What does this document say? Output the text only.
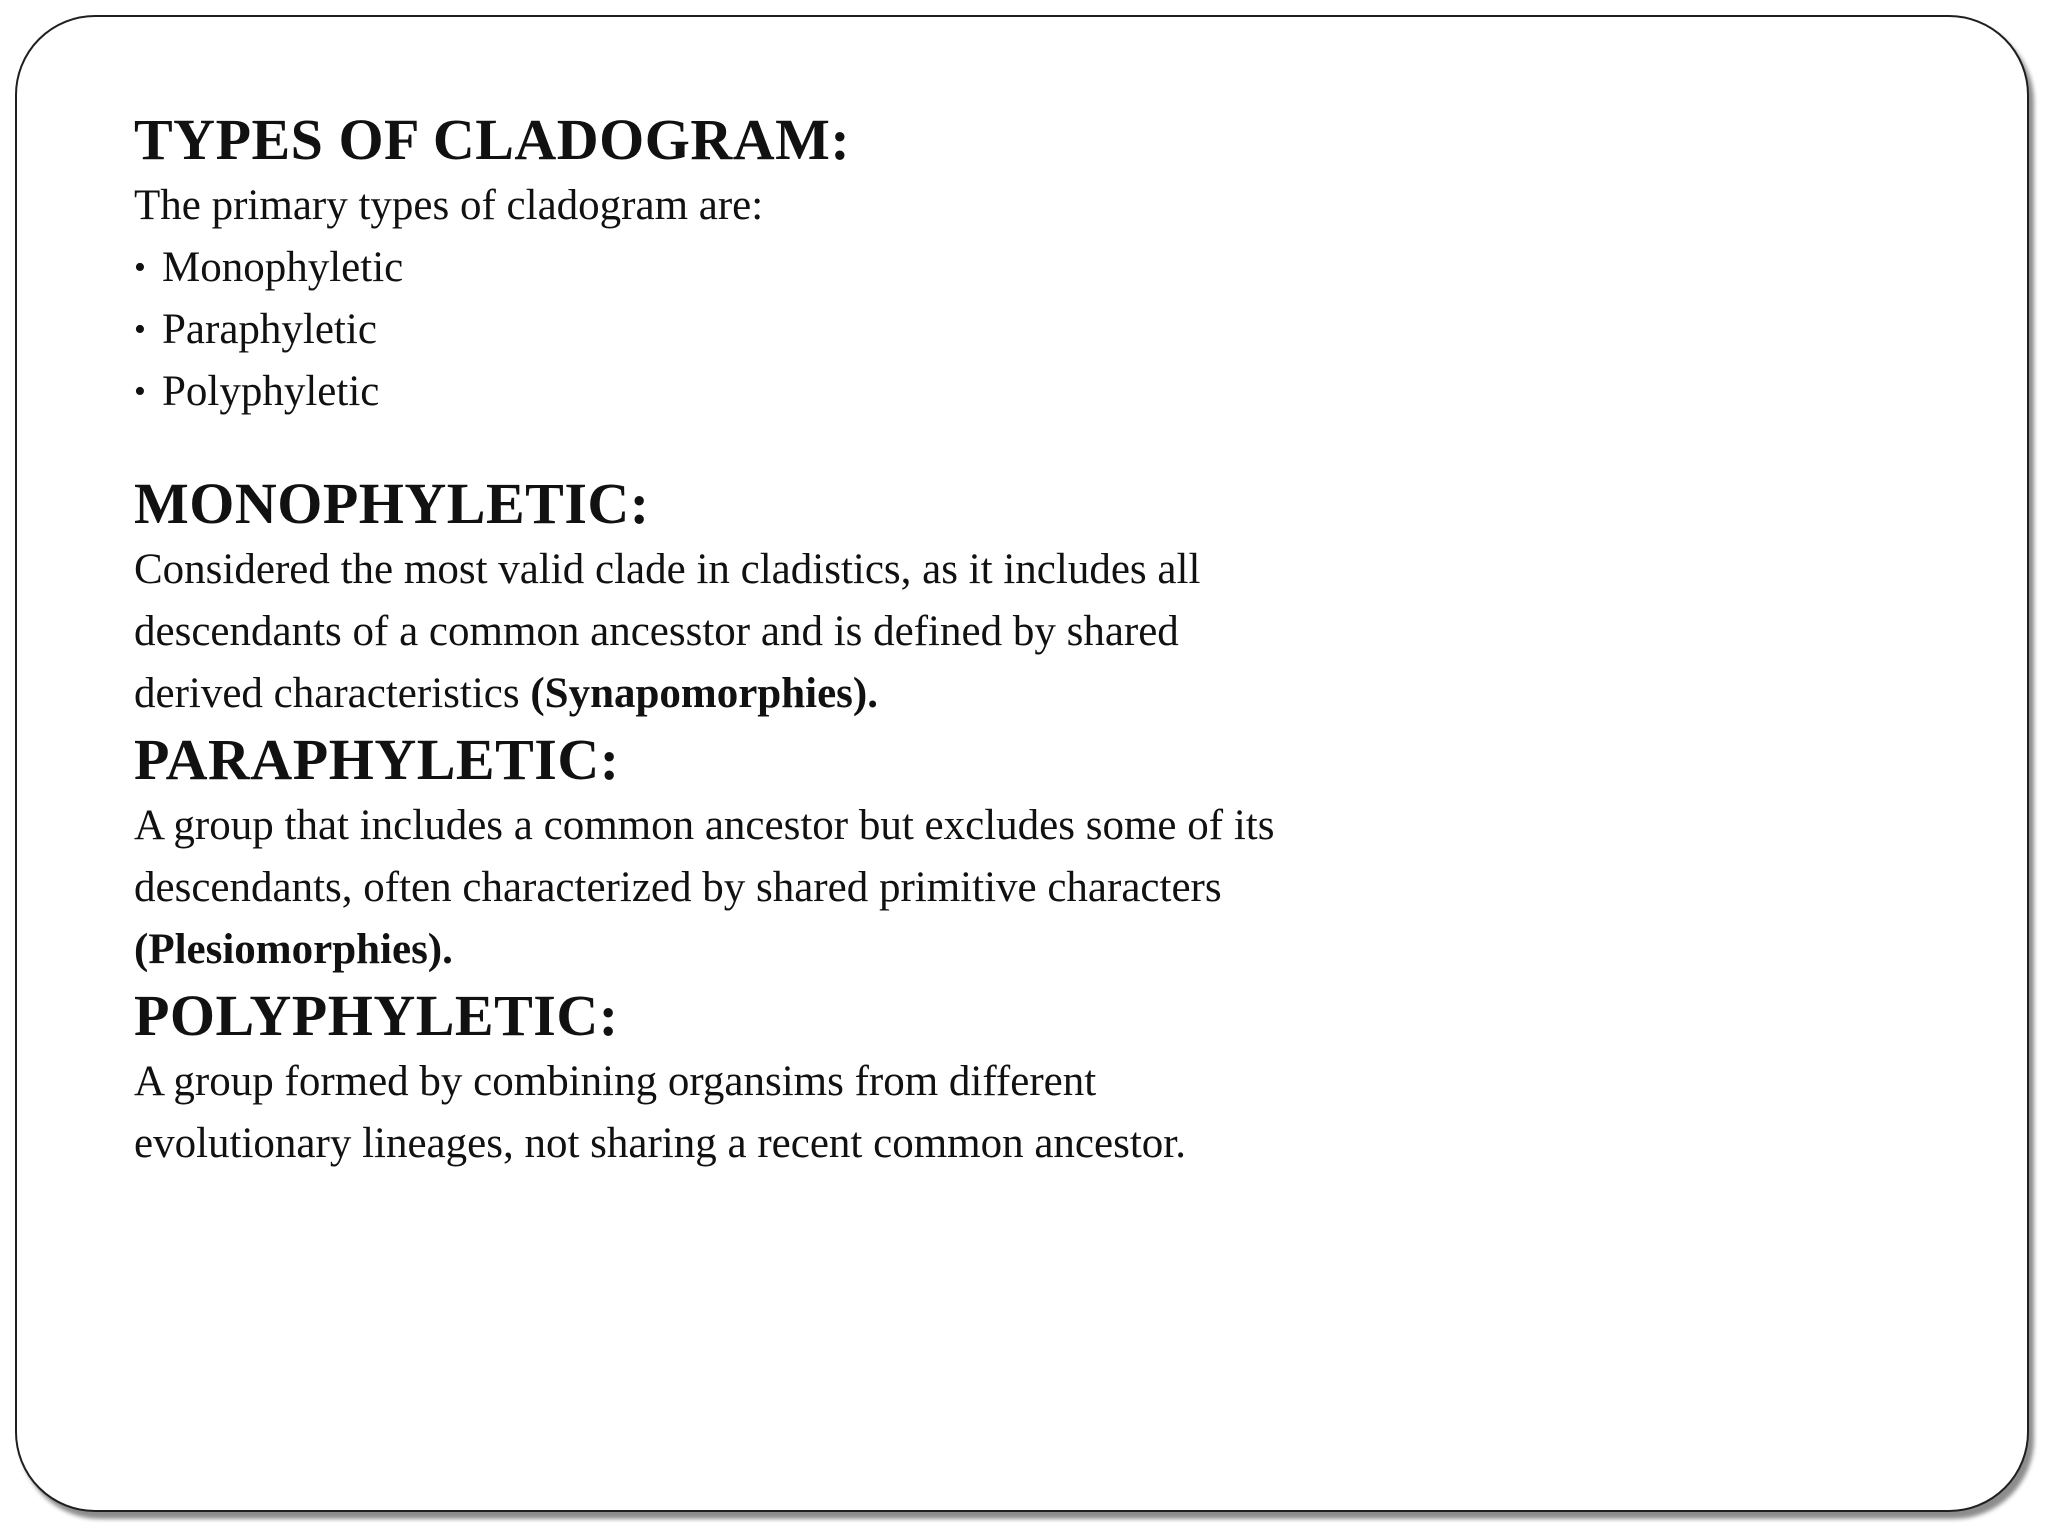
TYPES OF CLADOGRAM:

The primary types of cladogram are:

• Monophyletic
• Paraphyletic
• Polyphyletic
MONOPHYLETIC:

Considered the most valid clade in cladistics, as it includes all descendants of a common ancesstor and is defined by shared derived characteristics (Synapomorphies).

PARAPHYLETIC:

A group that includes a common ancestor but excludes some of its descendants, often characterized by shared primitive characters (Plesiomorphies).

POLYPHYLETIC:

A group formed by combining organsims from different evolutionary lineages, not sharing a recent common ancestor.
